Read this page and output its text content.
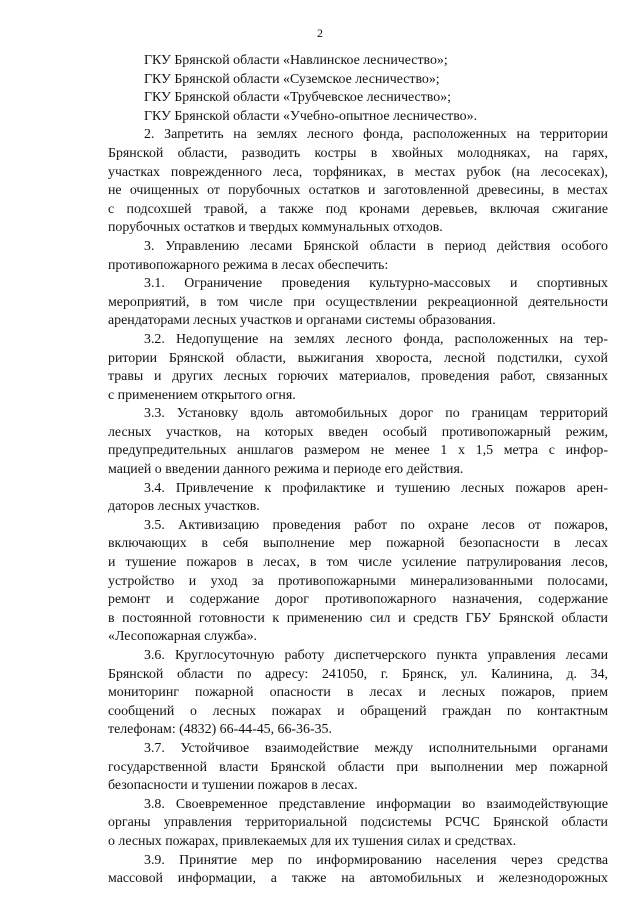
2

ГКУ Брянской области «Навлинское лесничество»;

ГКУ Брянской области «Суземское лесничество»;

ГКУ Брянской области «Трубчевское лесничество»;

ГКУ Брянской области «Учебно-опытное лесничество».

2. Запретить на землях лесного фонда, расположенных на территории
Брянской области, разводить костры в хвойных молодняках, на гарях,
участках поврежденного леса, торфяниках, в местах рубок (на лесосеках),
не очищенных от порубочных остатков и заготовленной древесины, в местах
с подсохшей травой, а также под кронами деревьев, включая сжигание
порубочных остатков и твердых коммунальных отходов.

3. Управлению лесами Брянской области в период действия особого
противопожарного режима в лесах обеспечить:

3.1. Ограничение проведения культурно-массовых и спортивных
мероприятий, в том числе при осуществлении рекреационной деятельности
арендаторами лесных участков и органами системы образования.

3.2. Недопущение на землях лесного фонда, расположенных на тер-
ритории Брянской области, выжигания хвороста, лесной подстилки, сухой
травы и других лесных горючих материалов, проведения работ, связанных
с применением открытого огня.

3.3. Установку вдоль автомобильных дорог по границам территорий
лесных участков, на которых введен особый противопожарный режим,
предупредительных аншлагов размером не менее 1 х 1,5 метра с инфор-
мацией о введении данного режима и периоде его действия.

3.4. Привлечение к профилактике и тушению лесных пожаров арен-
даторов лесных участков.

3.5. Активизацию проведения работ по охране лесов от пожаров,
включающих в себя выполнение мер пожарной безопасности в лесах
и тушение пожаров в лесах, в том числе усиление патрулирования лесов,
устройство и уход за противопожарными минерализованными полосами,
ремонт и содержание дорог противопожарного назначения, содержание
в постоянной готовности к применению сил и средств ГБУ Брянской области
«Лесопожарная служба».

3.6. Круглосуточную работу диспетчерского пункта управления лесами
Брянской области по адресу: 241050, г. Брянск, ул. Калинина, д. 34,
мониторинг пожарной опасности в лесах и лесных пожаров, прием
сообщений о лесных пожарах и обращений граждан по контактным
телефонам: (4832) 66-44-45, 66-36-35.

3.7. Устойчивое взаимодействие между исполнительными органами
государственной власти Брянской области при выполнении мер пожарной
безопасности и тушении пожаров в лесах.

3.8. Своевременное представление информации во взаимодействующие
органы управления территориальной подсистемы РСЧС Брянской области
о лесных пожарах, привлекаемых для их тушения силах и средствах.

3.9. Принятие мер по информированию населения через средства
массовой информации, а также на автомобильных и железнодорожных
